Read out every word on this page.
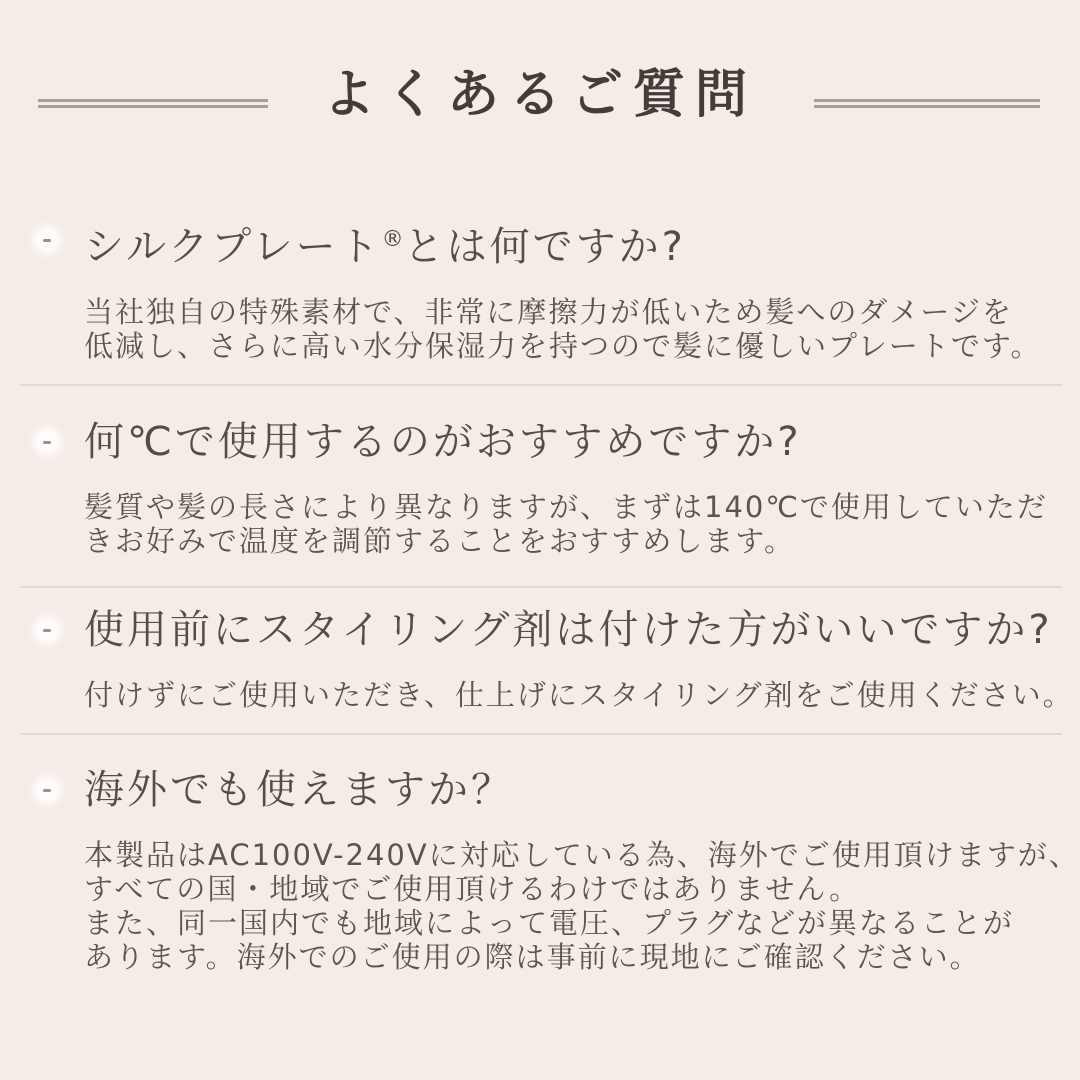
よくあるご質問
シルクプレート®とは何ですか?
当社独自の特殊素材で、非常に摩擦力が低いため髪へのダメージを
低減し、さらに高い水分保湿力を持つので髪に優しいプレートです。
何℃で使用するのがおすすめですか?
髪質や髪の長さにより異なりますが、まずは140℃で使用していただ
きお好みで温度を調節することをおすすめします。
使用前にスタイリング剤は付けた方がいいですか?
付けずにご使用いただき、仕上げにスタイリング剤をご使用ください。
海外でも使えますか？
本製品はAC100V-240Vに対応している為、海外でご使用頂けますが、
すべての国・地域でご使用頂けるわけではありません。
また、同一国内でも地域によって電圧、プラグなどが異なることが
あります。海外でのご使用の際は事前に現地にご確認ください。
